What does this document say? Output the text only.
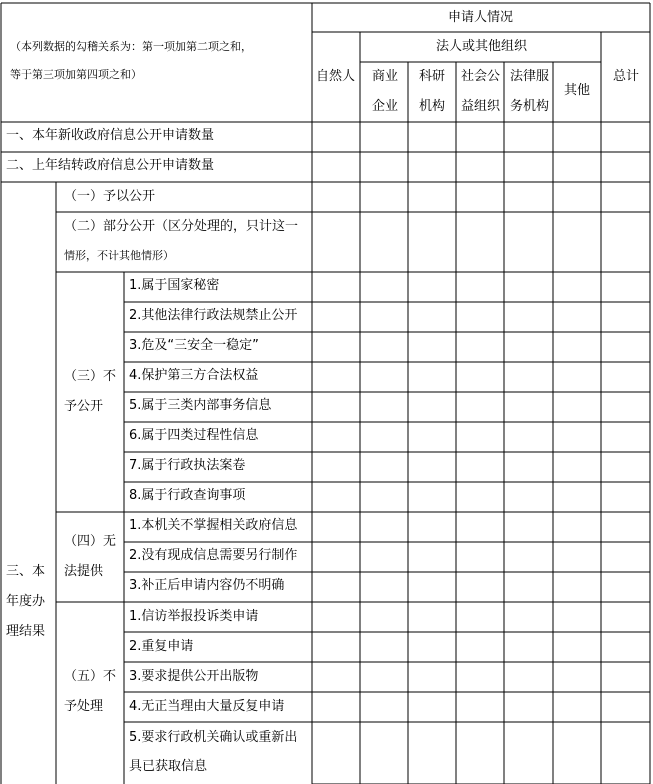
申请人情况
（本列数据的勾稽关系为：第一项加第二项之和，
等于第三项加第四项之和）	自然人
法人或其他组织
商业
企业
科研
机构
社会公
益组织
法律服
务机构
其他
总计
一、本年新收政府信息公开申请数量
二、上年结转政府信息公开申请数量
三、本
年度办
理结果
（一）予以公开
（二）部分公开（区分处理的，只计这一
情形，不计其他情形）
（三）不
予公开
（四）无
法提供
（五）不
予处理
1.属于国家秘密
2.其他法律行政法规禁止公开
3.危及“三安全一稳定”
4.保护第三方合法权益
5.属于三类内部事务信息
6.属于四类过程性信息
7.属于行政执法案卷
8.属于行政查询事项
1.本机关不掌握相关政府信息
2.没有现成信息需要另行制作
3.补正后申请内容仍不明确
1.信访举报投诉类申请
2.重复申请
3.要求提供公开出版物
4.无正当理由大量反复申请
5.要求行政机关确认或重新出
具已获取信息
